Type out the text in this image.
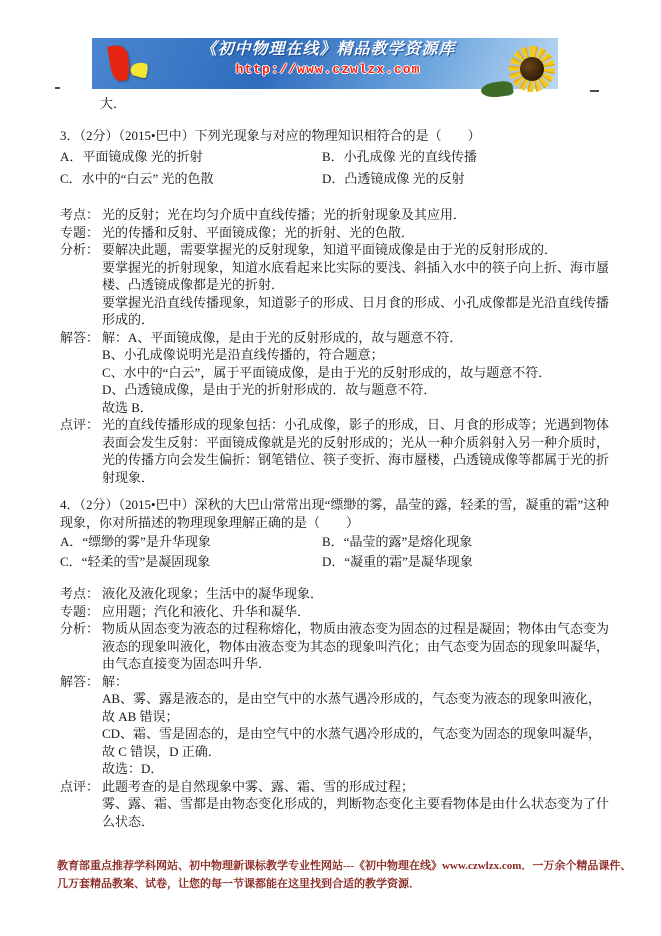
《初中物理在线》精品教学资源库
http://www.czwlzx.com

大．

3．（2分）（2015•巴中）下列光现象与对应的物理知识相符合的是（　　）

A．平面镜成像 光的折射	B．小孔成像 光的直线传播
C．水中的“白云” 光的色散	D．凸透镜成像 光的反射
考点： 光的反射；光在均匀介质中直线传播；光的折射现象及其应用．

专题： 光的传播和反射、平面镜成像；光的折射、光的色散．

分析： 要解决此题，需要掌握光的反射现象，知道平面镜成像是由于光的反射形成的．

要掌握光的折射现象，知道水底看起来比实际的要浅、斜插入水中的筷子向上折、海市蜃楼、凸透镜成像都是光的折射．

要掌握光沿直线传播现象，知道影子的形成、日月食的形成、小孔成像都是光沿直线传播形成的．

解答： 解：A、平面镜成像，是由于光的反射形成的，故与题意不符．

B、小孔成像说明光是沿直线传播的，符合题意；

C、水中的“白云”，属于平面镜成像，是由于光的反射形成的，故与题意不符．

D、凸透镜成像，是由于光的折射形成的．故与题意不符．

故选 B．

点评： 光的直线传播形成的现象包括：小孔成像，影子的形成，日、月食的形成等；光遇到物体表面会发生反射：平面镜成像就是光的反射形成的；光从一种介质斜射入另一种介质时，光的传播方向会发生偏折：钢笔错位、筷子变折、海市蜃楼，凸透镜成像等都属于光的折射现象．

4．（2分）（2015•巴中）深秋的大巴山常常出现“缥缈的雾，晶莹的露，轻柔的雪，凝重的霜”这种现象，你对所描述的物理现象理解正确的是（　　）

A．“缥缈的雾”是升华现象	B．“晶莹的露”是熔化现象
C．“轻柔的雪”是凝固现象	D．“凝重的霜”是凝华现象
考点： 液化及液化现象；生活中的凝华现象．

专题： 应用题；汽化和液化、升华和凝华．

分析： 物质从固态变为液态的过程称熔化，物质由液态变为固态的过程是凝固；物体由气态变为液态的现象叫液化，物体由液态变为其态的现象叫汽化；由气态变为固态的现象叫凝华，由气态直接变为固态叫升华．

解答： 解：

AB、雾、露是液态的，是由空气中的水蒸气遇冷形成的，气态变为液态的现象叫液化，故 AB 错误；

CD、霜、雪是固态的，是由空气中的水蒸气遇冷形成的，气态变为固态的现象叫凝华，故 C 错误，D 正确．

故选：D．

点评： 此题考查的是自然现象中雾、露、霜、雪的形成过程；

雾、露、霜、雪都是由物态变化形成的，判断物态变化主要看物体是由什么状态变为了什么状态．

教育部重点推荐学科网站、初中物理新课标教学专业性网站---《初中物理在线》www.czwlzx.com．一万余个精品课件、几万套精品教案、试卷，让您的每一节课都能在这里找到合适的教学资源．
